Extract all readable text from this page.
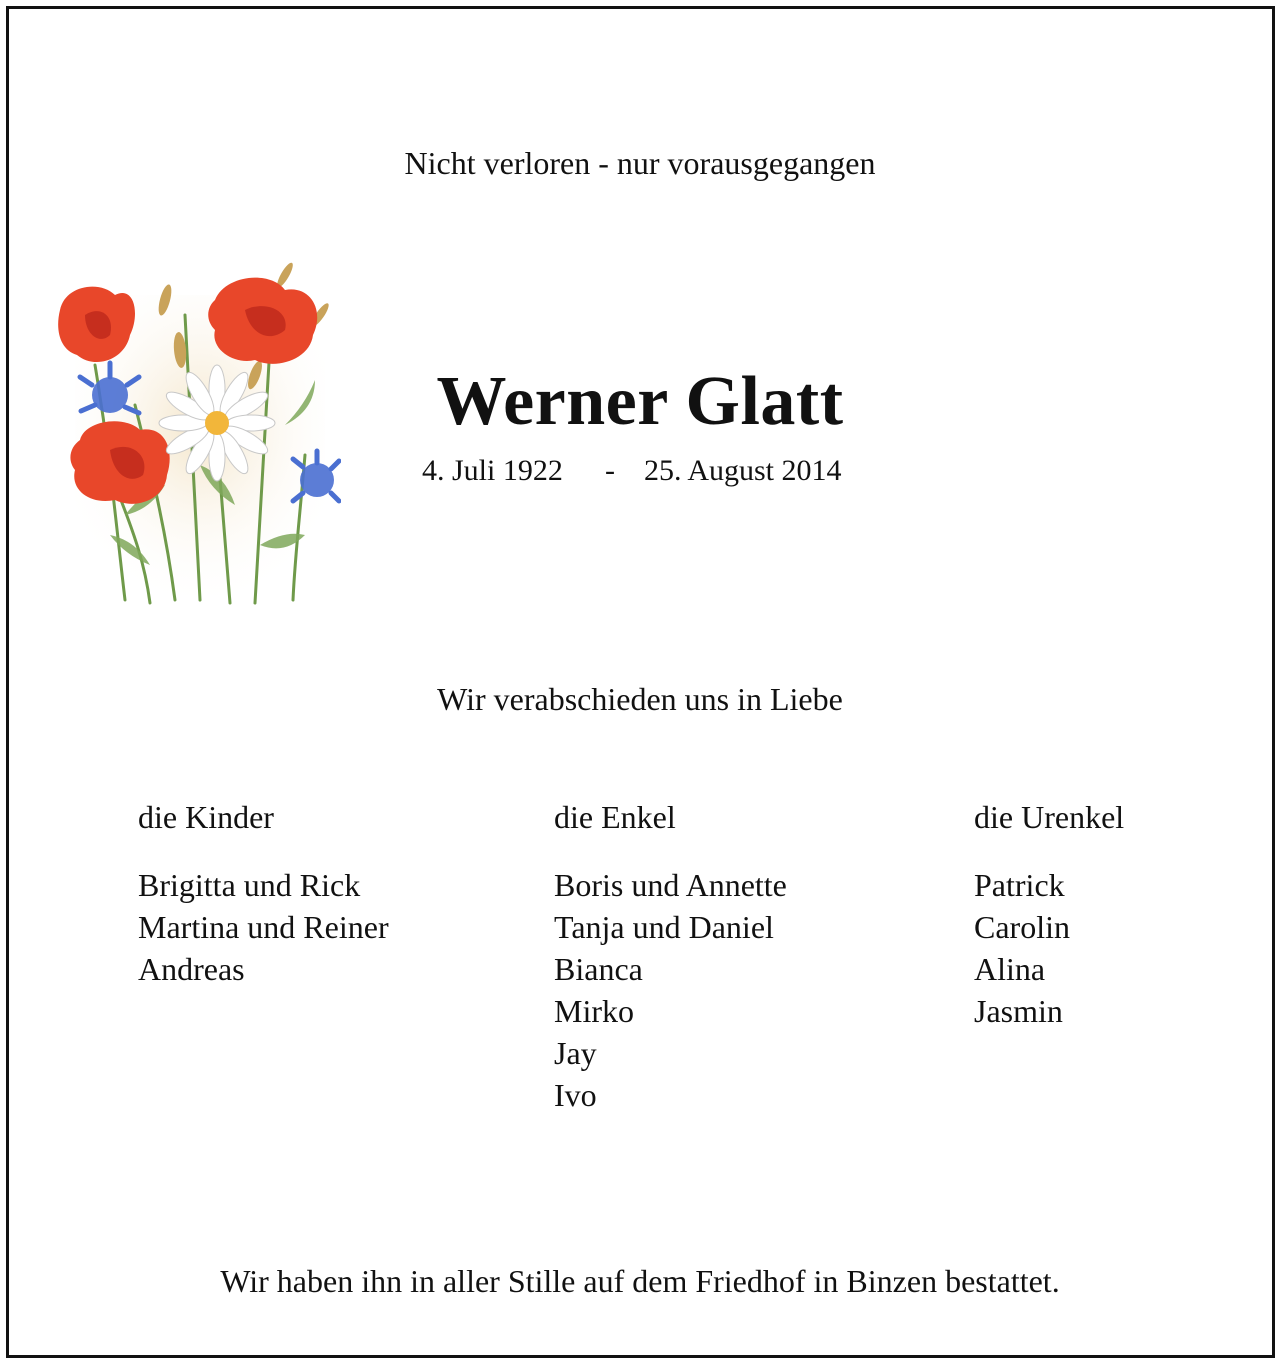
Nicht verloren - nur vorausgegangen
Werner Glatt
4. Juli 1922 - 25. August 2014
Wir verabschieden uns in Liebe
die Kinder
Brigitta und Rick
Martina und Reiner
Andreas
die Enkel
Boris und Annette
Tanja und Daniel
Bianca
Mirko
Jay
Ivo
die Urenkel
Patrick
Carolin
Alina
Jasmin
Wir haben ihn in aller Stille auf dem Friedhof in Binzen bestattet.
